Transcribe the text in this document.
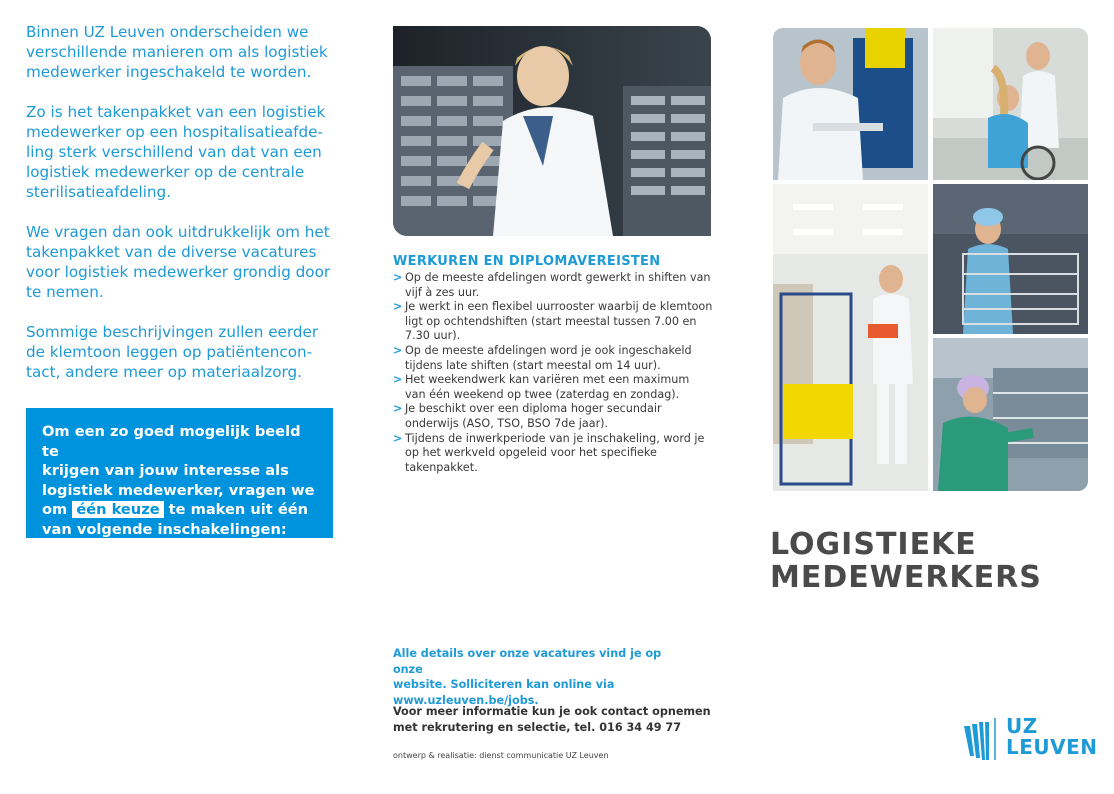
Binnen UZ Leuven onderscheiden we
verschillende manieren om als logistiek
medewerker ingeschakeld te worden.

Zo is het takenpakket van een logistiek
medewerker op een hospitalisatieafde-
ling sterk verschillend van dat van een
logistiek medewerker op de centrale
sterilisatieafdeling.

We vragen dan ook uitdrukkelijk om het
takenpakket van de diverse vacatures
voor logistiek medewerker grondig door
te nemen.

Sommige beschrijvingen zullen eerder
de klemtoon leggen op patiëntencon-
tact, andere meer op materiaalzorg.

Om een zo goed mogelijk beeld te
krijgen van jouw interesse als
logistiek medewerker, vragen we
om één keuze te maken uit één
van volgende inschakelingen:
WERKUREN EN DIPLOMAVEREISTEN
> Op de meeste afdelingen wordt gewerkt in shiften van vijf à zes uur.
> Je werkt in een flexibel uurrooster waarbij de klemtoon ligt op ochtendshiften (start meestal tussen 7.00 en 7.30 uur).
> Op de meeste afdelingen word je ook ingeschakeld tijdens late shiften (start meestal om 14 uur).
> Het weekendwerk kan variëren met een maximum van één weekend op twee (zaterdag en zondag).
> Je beschikt over een diploma hoger secundair onderwijs (ASO, TSO, BSO 7de jaar).
> Tijdens de inwerkperiode van je inschakeling, word je op het werkveld opgeleid voor het specifieke takenpakket.
Alle details over onze vacatures vind je op onze
website. Solliciteren kan online via
www.uzleuven.be/jobs.
Voor meer informatie kun je ook contact opnemen
met rekrutering en selectie, tel. 016 34 49 77
ontwerp & realisatie: dienst communicatie UZ Leuven
LOGISTIEKE
MEDEWERKERS
UZ
LEUVEN
